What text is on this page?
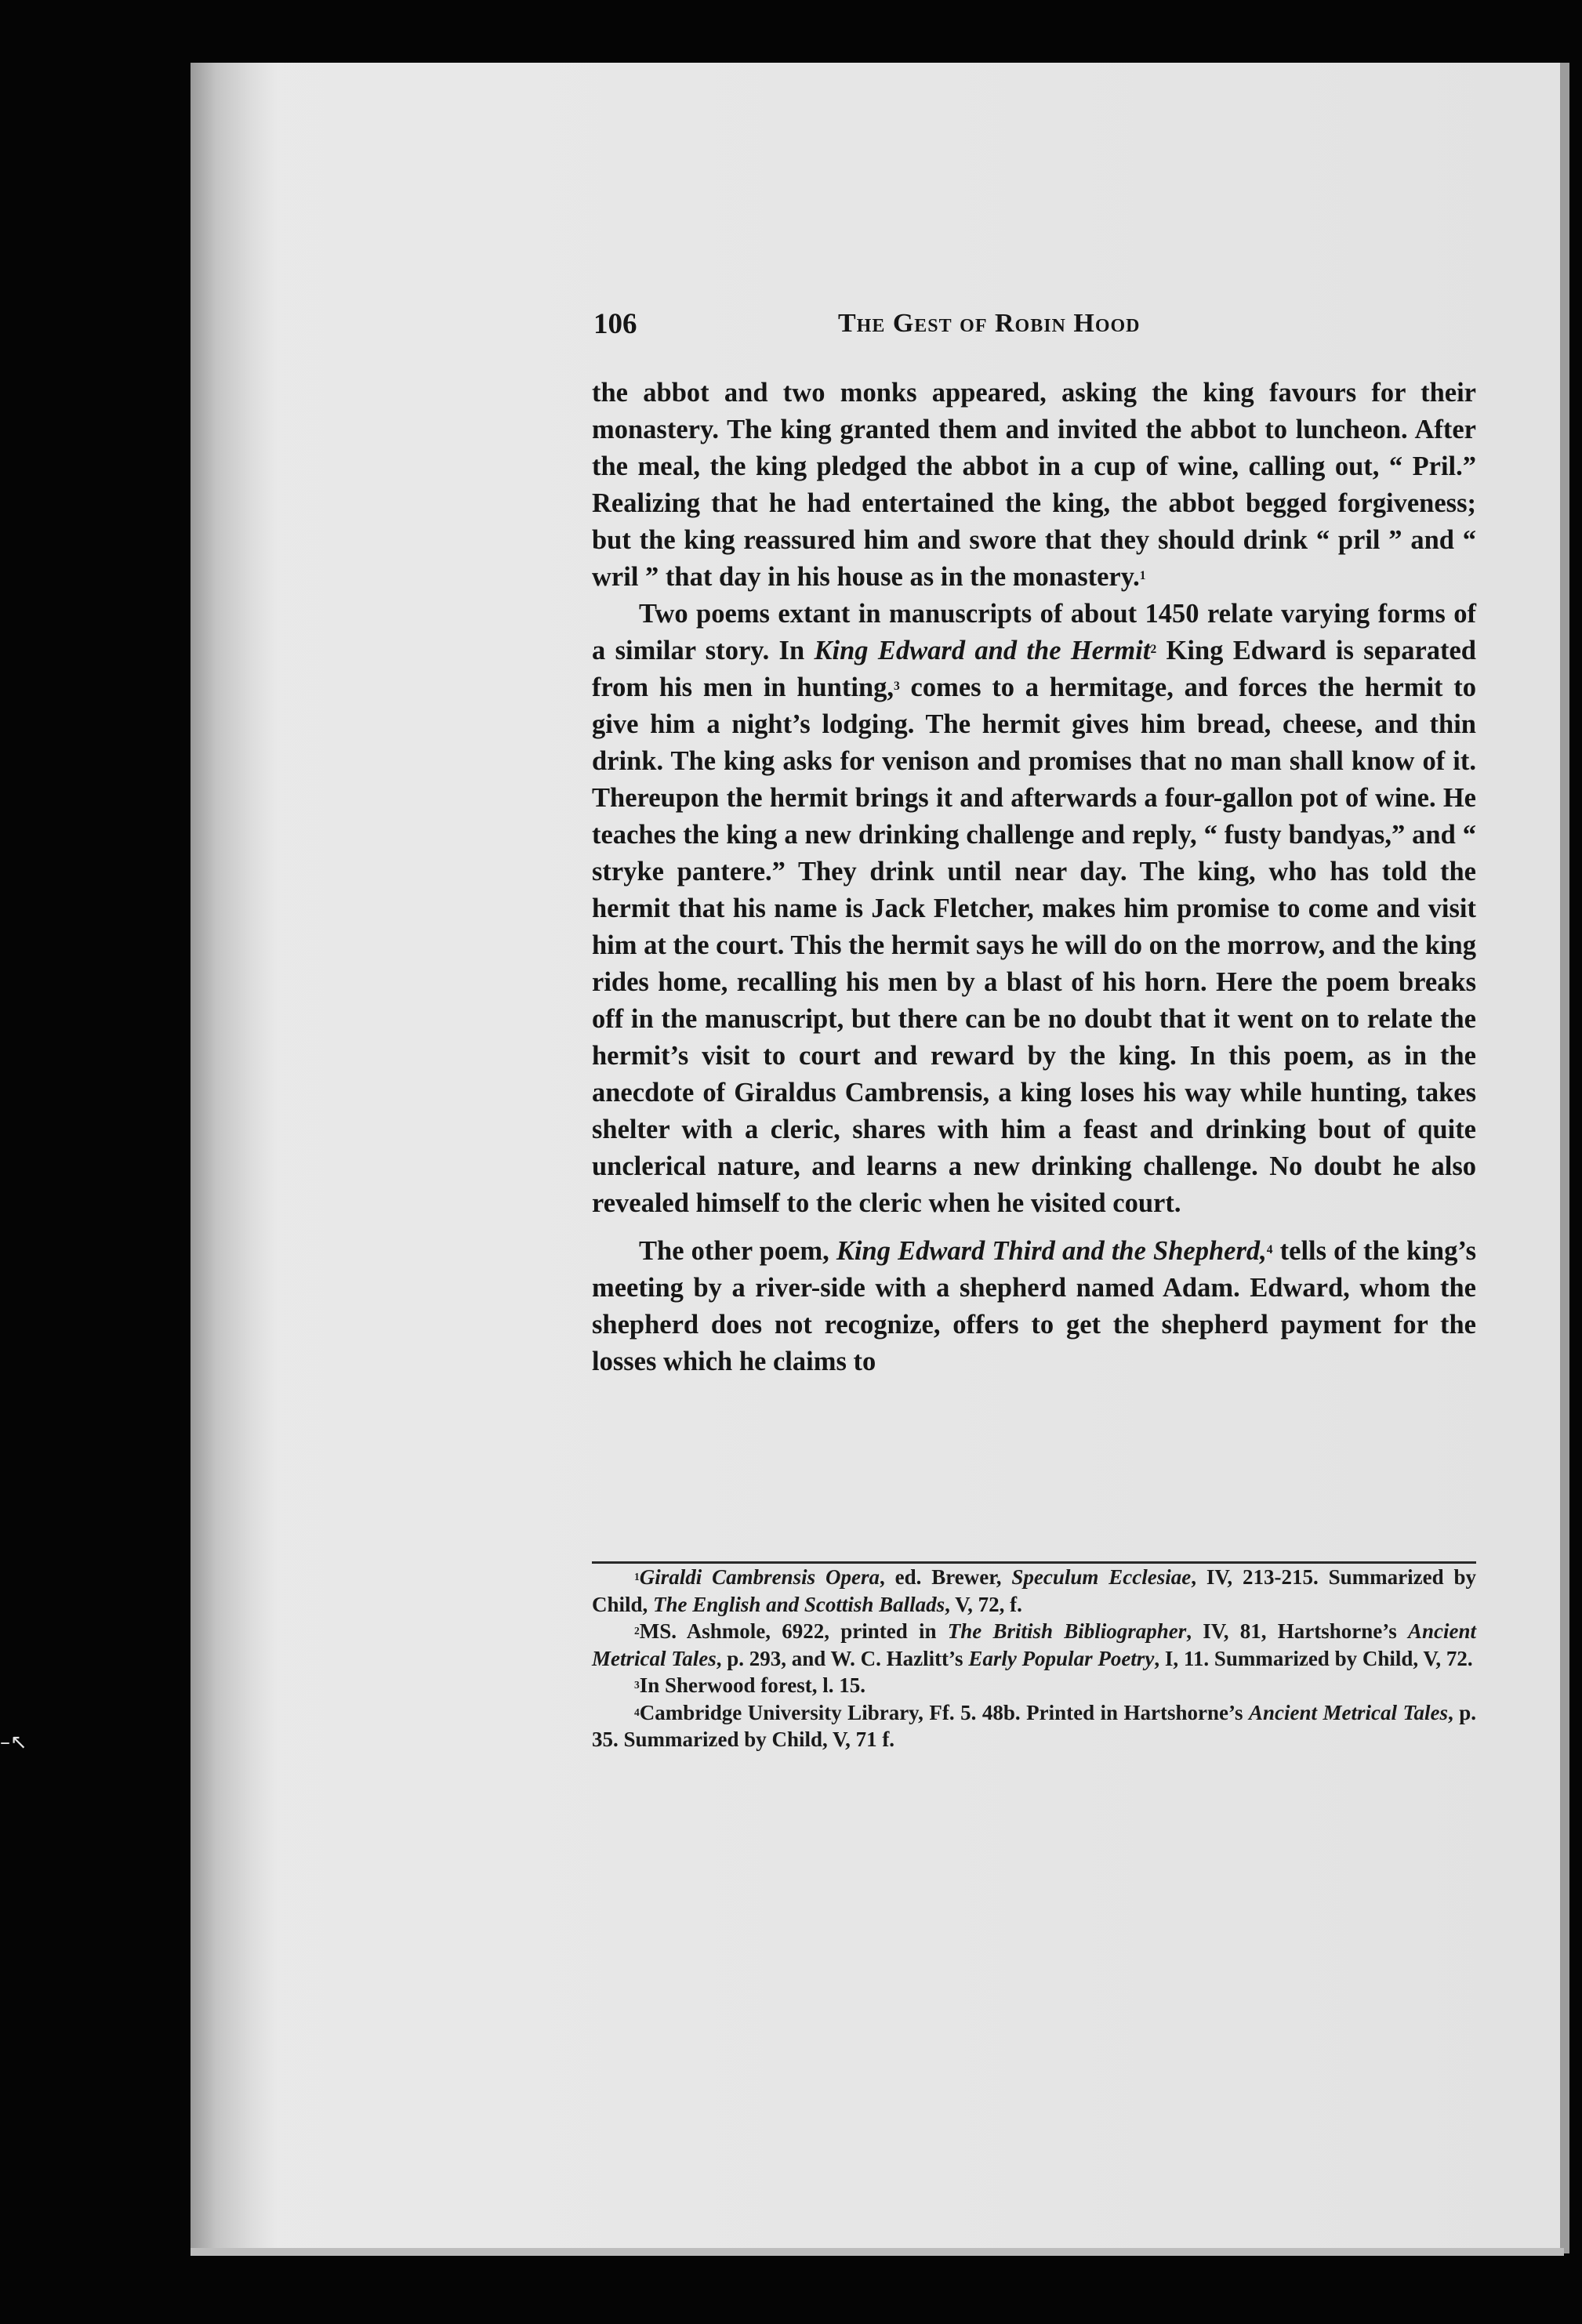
–↖
106	The Gest of Robin Hood

the abbot and two monks appeared, asking the king favours for their monastery. The king granted them and invited the abbot to luncheon. After the meal, the king pledged the abbot in a cup of wine, calling out, “ Pril.” Realizing that he had entertained the king, the abbot begged forgiveness; but the king reassured him and swore that they should drink “ pril ” and “ wril ” that day in his house as in the monastery.$^1$

Two poems extant in manuscripts of about 1450 relate varying forms of a similar story. In King Edward and the Hermit$^2$ King Edward is separated from his men in hunting,$^3$ comes to a hermitage, and forces the hermit to give him a night’s lodging. The hermit gives him bread, cheese, and thin drink. The king asks for venison and promises that no man shall know of it. Thereupon the hermit brings it and afterwards a four-gallon pot of wine. He teaches the king a new drinking challenge and reply, “ fusty bandyas,” and “ stryke pantere.” They drink until near day. The king, who has told the hermit that his name is Jack Fletcher, makes him promise to come and visit him at the court. This the hermit says he will do on the morrow, and the king rides home, recalling his men by a blast of his horn. Here the poem breaks off in the manuscript, but there can be no doubt that it went on to relate the hermit’s visit to court and reward by the king. In this poem, as in the anecdote of Giraldus Cambrensis, a king loses his way while hunting, takes shelter with a cleric, shares with him a feast and drinking bout of quite unclerical nature, and learns a new drinking challenge. No doubt he also revealed himself to the cleric when he visited court.

The other poem, King Edward Third and the Shepherd,$^4$ tells of the king’s meeting by a river-side with a shepherd named Adam. Edward, whom the shepherd does not recognize, offers to get the shepherd payment for the losses which he claims to

$^1$Giraldi Cambrensis Opera, ed. Brewer, Speculum Ecclesiae, IV, 213-215. Summarized by Child, The English and Scottish Ballads, V, 72, f.

$^2$MS. Ashmole, 6922, printed in The British Bibliographer, IV, 81, Hartshorne’s Ancient Metrical Tales, p. 293, and W. C. Hazlitt’s Early Popular Poetry, I, 11. Summarized by Child, V, 72.

$^3$In Sherwood forest, l. 15.

$^4$Cambridge University Library, Ff. 5. 48b. Printed in Hartshorne’s Ancient Metrical Tales, p. 35. Summarized by Child, V, 71 f.
